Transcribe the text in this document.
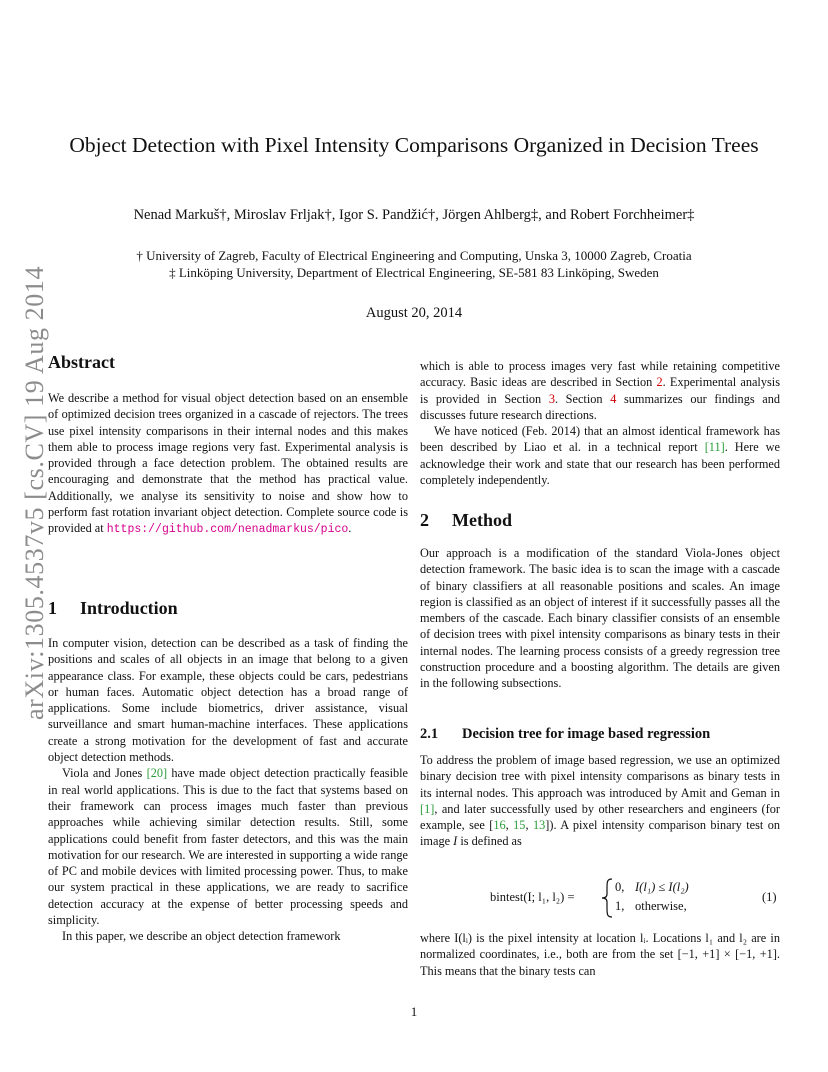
Object Detection with Pixel Intensity Comparisons Organized in Decision Trees
Nenad Markuš†, Miroslav Frljak†, Igor S. Pandžić†, Jörgen Ahlberg‡, and Robert Forchheimer‡
† University of Zagreb, Faculty of Electrical Engineering and Computing, Unska 3, 10000 Zagreb, Croatia
‡ Linköping University, Department of Electrical Engineering, SE-581 83 Linköping, Sweden
August 20, 2014
arXiv:1305.4537v5 [cs.CV] 19 Aug 2014 Abstract

We describe a method for visual object detection based on an ensemble of optimized decision trees organized in a cascade of rejectors. The trees use pixel intensity comparisons in their internal nodes and this makes them able to process image regions very fast. Experimental analysis is provided through a face detection problem. The obtained results are encouraging and demonstrate that the method has practical value. Additionally, we analyse its sensitivity to noise and show how to perform fast rotation invariant object detection. Complete source code is provided at https://github.com/nenadmarkus/pico.

1 Introduction

In computer vision, detection can be described as a task of finding the positions and scales of all objects in an image that belong to a given appearance class. For example, these objects could be cars, pedestrians or human faces. Automatic object detection has a broad range of applications. Some include biometrics, driver assistance, visual surveillance and smart human-machine interfaces. These applications create a strong motivation for the development of fast and accurate object detection methods.

Viola and Jones [20] have made object detection practically feasible in real world applications. This is due to the fact that systems based on their framework can process images much faster than previous approaches while achieving similar detection results. Still, some applications could benefit from faster detectors, and this was the main motivation for our research. We are interested in supporting a wide range of PC and mobile devices with limited processing power. Thus, to make our system practical in these applications, we are ready to sacrifice detection accuracy at the expense of better processing speeds and simplicity.

In this paper, we describe an object detection framework

which is able to process images very fast while retaining competitive accuracy. Basic ideas are described in Section 2. Experimental analysis is provided in Section 3. Section 4 summarizes our findings and discusses future research directions.

We have noticed (Feb. 2014) that an almost identical framework has been described by Liao et al. in a technical report [11]. Here we acknowledge their work and state that our research has been performed completely independently.

2 Method

Our approach is a modification of the standard Viola-Jones object detection framework. The basic idea is to scan the image with a cascade of binary classifiers at all reasonable positions and scales. An image region is classified as an object of interest if it successfully passes all the members of the cascade. Each binary classifier consists of an ensemble of decision trees with pixel intensity comparisons as binary tests in their internal nodes. The learning process consists of a greedy regression tree construction procedure and a boosting algorithm. The details are given in the following subsections.

2.1 Decision tree for image based regression

To address the problem of image based regression, we use an optimized binary decision tree with pixel intensity comparisons as binary tests in its internal nodes. This approach was introduced by Amit and Geman in [1], and later successfully used by other researchers and engineers (for example, see [16, 15, 13]). A pixel intensity comparison binary test on image I is defined as

bintest(I; l₁, l₂) =
0, I(l₁) ≤ I(l₂)
1, otherwise,
(1)

where I(lᵢ) is the pixel intensity at location lᵢ. Locations l₁ and l₂ are in normalized coordinates, i.e., both are from the set [−1, +1] × [−1, +1]. This means that the binary tests can

1
